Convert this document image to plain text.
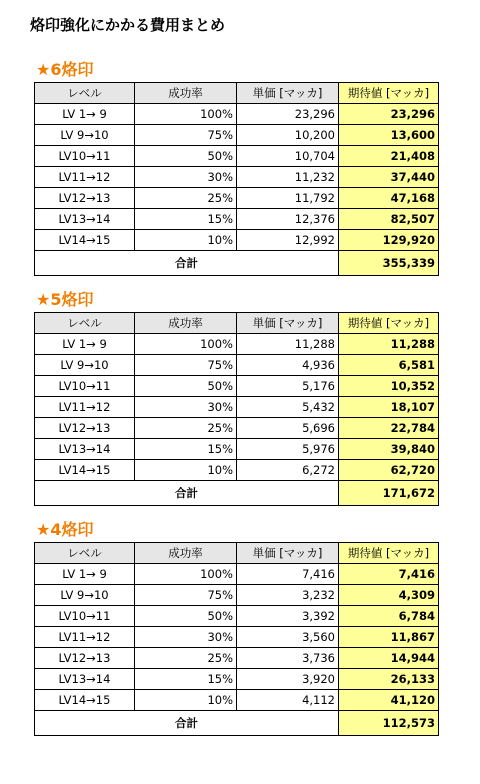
烙印強化にかかる費用まとめ
★6烙印
レベル	成功率	単価 [マッカ]	期待値 [マッカ]
LV 1→ 9	100%	23,296	23,296
LV 9→10	75%	10,200	13,600
LV10→11	50%	10,704	21,408
LV11→12	30%	11,232	37,440
LV12→13	25%	11,792	47,168
LV13→14	15%	12,376	82,507
LV14→15	10%	12,992	129,920
合計			355,339
★5烙印
レベル	成功率	単価 [マッカ]	期待値 [マッカ]
LV 1→ 9	100%	11,288	11,288
LV 9→10	75%	4,936	6,581
LV10→11	50%	5,176	10,352
LV11→12	30%	5,432	18,107
LV12→13	25%	5,696	22,784
LV13→14	15%	5,976	39,840
LV14→15	10%	6,272	62,720
合計			171,672
★4烙印
レベル	成功率	単価 [マッカ]	期待値 [マッカ]
LV 1→ 9	100%	7,416	7,416
LV 9→10	75%	3,232	4,309
LV10→11	50%	3,392	6,784
LV11→12	30%	3,560	11,867
LV12→13	25%	3,736	14,944
LV13→14	15%	3,920	26,133
LV14→15	10%	4,112	41,120
合計			112,573
